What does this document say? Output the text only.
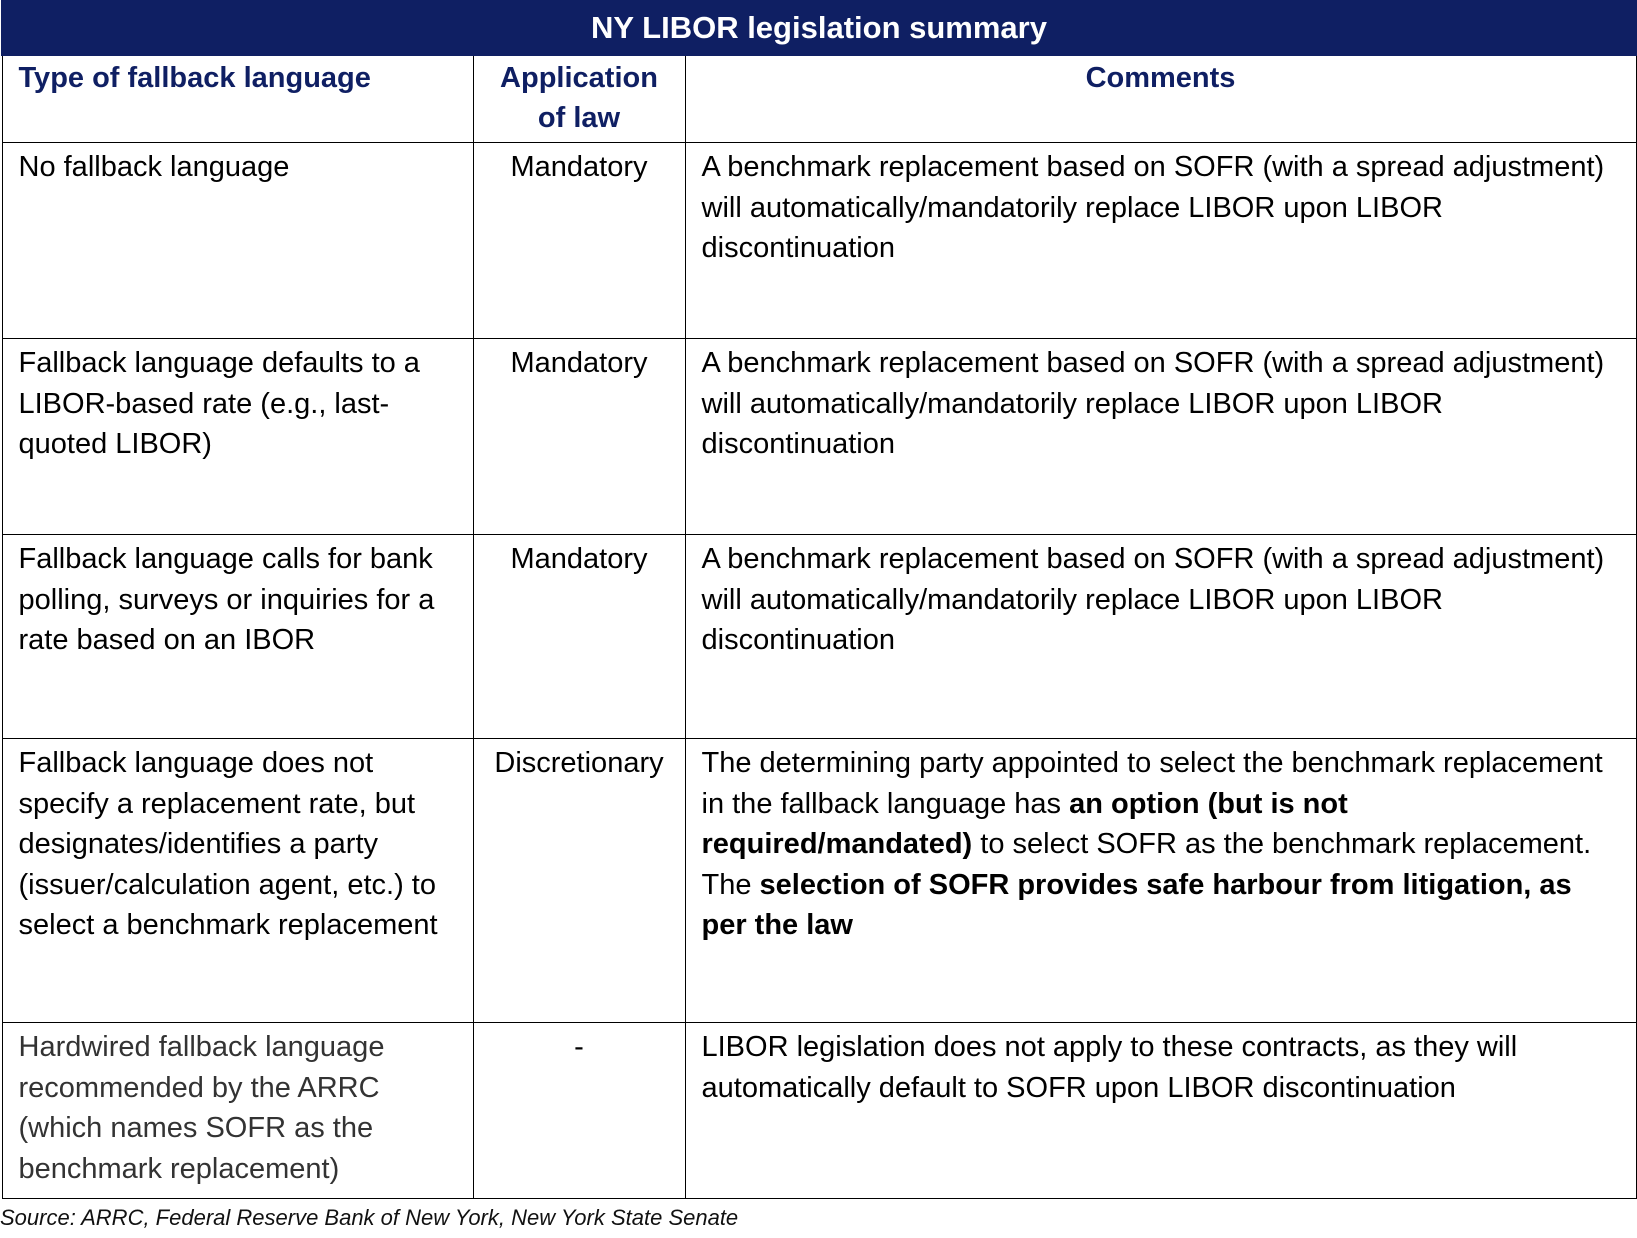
NY LIBOR legislation summary		
Type of fallback language	Application of law	Comments
No fallback language	Mandatory	A benchmark replacement based on SOFR (with a spread adjustment) will automatically/mandatorily replace LIBOR upon LIBOR discontinuation
Fallback language defaults to a LIBOR-based rate (e.g., last-quoted LIBOR)	Mandatory	A benchmark replacement based on SOFR (with a spread adjustment) will automatically/mandatorily replace LIBOR upon LIBOR discontinuation
Fallback language calls for bank polling, surveys or inquiries for a rate based on an IBOR	Mandatory	A benchmark replacement based on SOFR (with a spread adjustment) will automatically/mandatorily replace LIBOR upon LIBOR discontinuation
Fallback language does not specify a replacement rate, but designates/identifies a party (issuer/calculation agent, etc.) to select a benchmark replacement	Discretionary	The determining party appointed to select the benchmark replacement in the fallback language has an option (but is not required/mandated) to select SOFR as the benchmark replacement. The selection of SOFR provides safe harbour from litigation, as per the law
Hardwired fallback language recommended by the ARRC (which names SOFR as the benchmark replacement)	-	LIBOR legislation does not apply to these contracts, as they will automatically default to SOFR upon LIBOR discontinuation
Source: ARRC, Federal Reserve Bank of New York, New York State Senate
